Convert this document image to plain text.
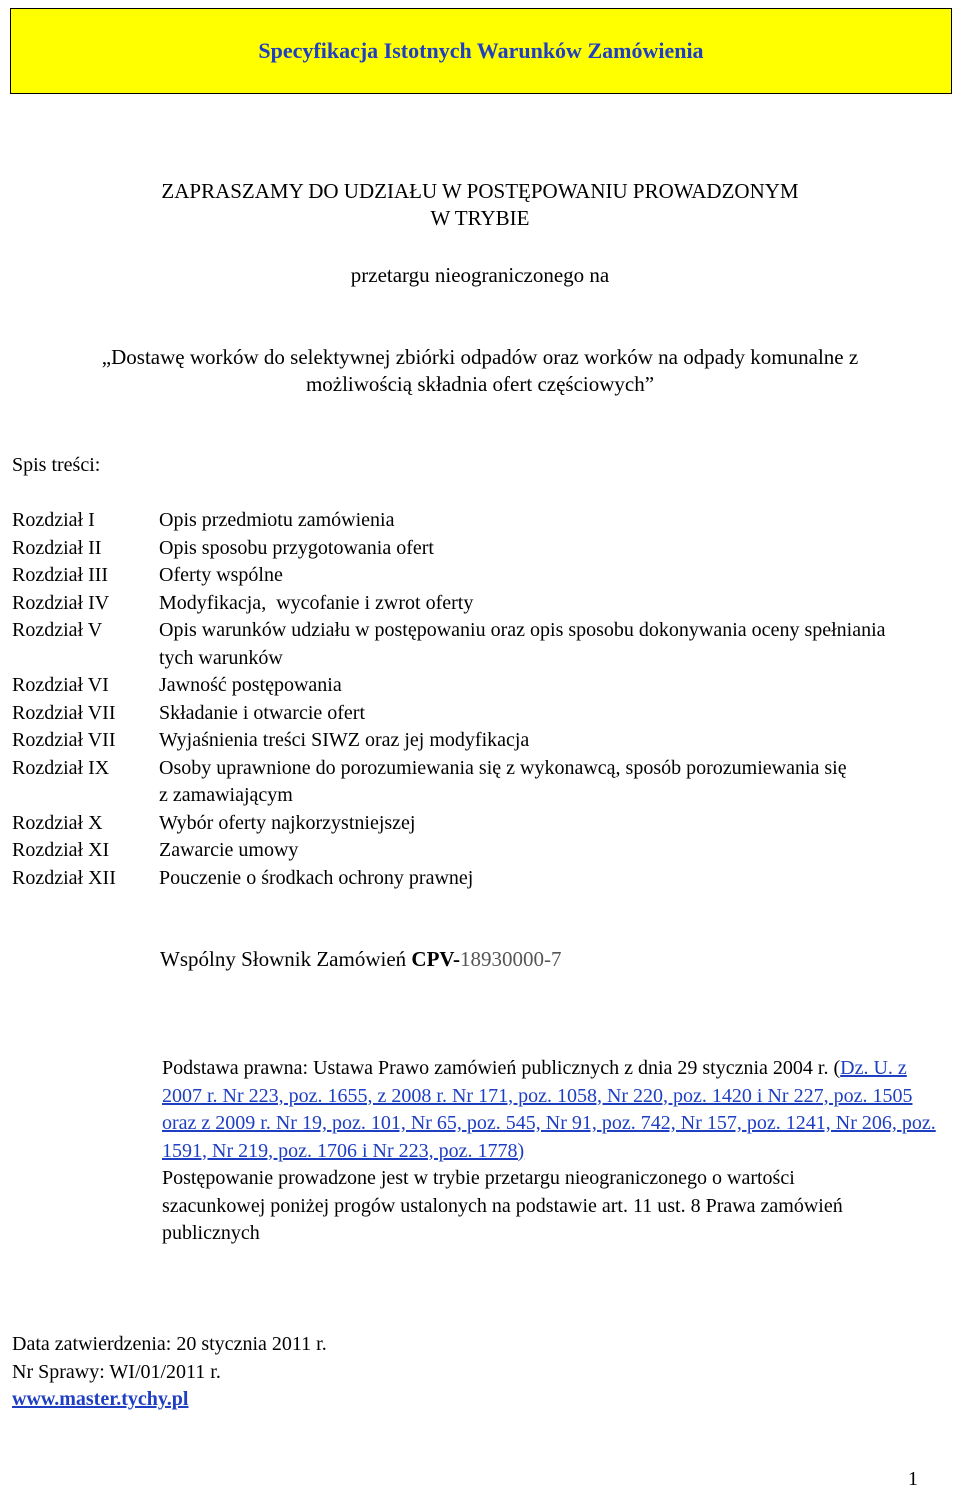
Specyfikacja Istotnych Warunków Zamówienia
ZAPRASZAMY DO UDZIAŁU W POSTĘPOWANIU PROWADZONYM
W TRYBIE
przetargu nieograniczonego na
„Dostawę worków do selektywnej zbiórki odpadów oraz worków na odpady komunalne z
możliwością składnia ofert częściowych”
Spis treści:
Rozdział I	Opis przedmiotu zamówienia
Rozdział II	Opis sposobu przygotowania ofert
Rozdział III	Oferty wspólne
Rozdział IV	Modyfikacja,  wycofanie i zwrot oferty
Rozdział V	Opis warunków udziału w postępowaniu oraz opis sposobu dokonywania oceny spełniania tych warunków
Rozdział VI	Jawność postępowania
Rozdział VII	Składanie i otwarcie ofert
Rozdział VII	Wyjaśnienia treści SIWZ oraz jej modyfikacja
Rozdział IX	Osoby uprawnione do porozumiewania się z wykonawcą, sposób porozumiewania się z zamawiającym
Rozdział X	Wybór oferty najkorzystniejszej
Rozdział XI	Zawarcie umowy
Rozdział XII	Pouczenie o środkach ochrony prawnej
Wspólny Słownik Zamówień CPV-18930000-7
Podstawa prawna: Ustawa Prawo zamówień publicznych z dnia 29 stycznia 2004 r. (Dz. U. z 2007 r. Nr 223, poz. 1655, z 2008 r. Nr 171, poz. 1058, Nr 220, poz. 1420 i Nr 227, poz. 1505 oraz z 2009 r. Nr 19, poz. 101, Nr 65, poz. 545, Nr 91, poz. 742, Nr 157, poz. 1241, Nr 206, poz. 1591, Nr 219, poz. 1706 i Nr 223, poz. 1778)
Postępowanie prowadzone jest w trybie przetargu nieograniczonego o wartości szacunkowej poniżej progów ustalonych na podstawie art. 11 ust. 8 Prawa zamówień publicznych
Data zatwierdzenia: 20 stycznia 2011 r.
Nr Sprawy: WI/01/2011 r.
www.master.tychy.pl
1
